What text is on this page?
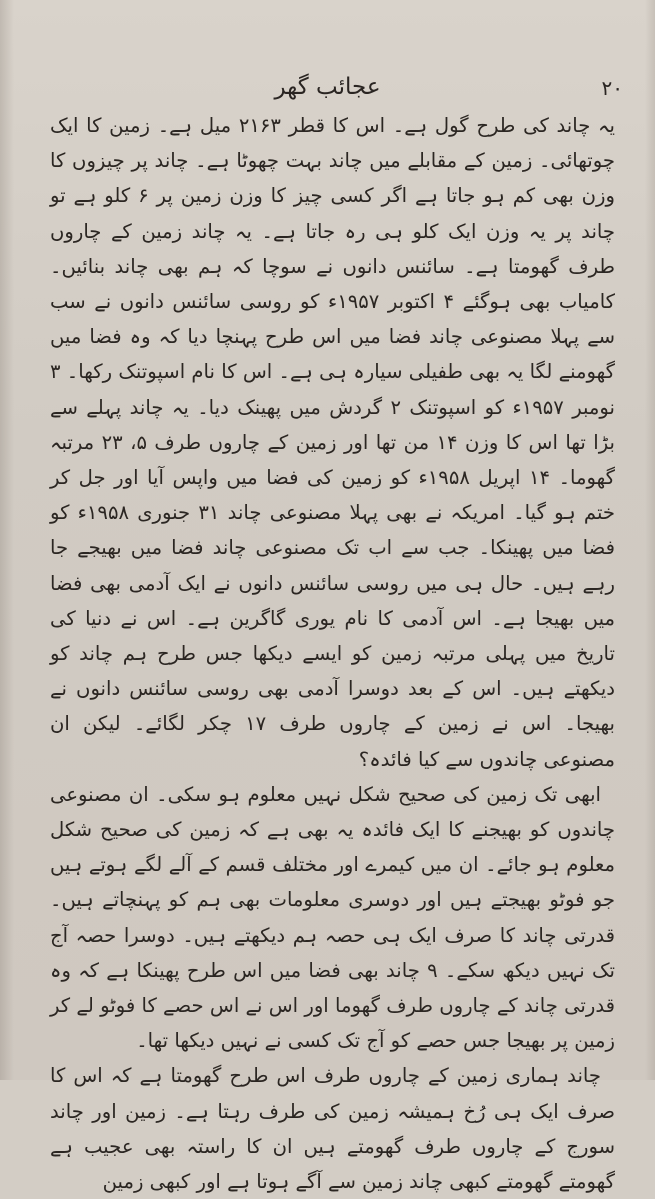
عجائب گھر	۲۰

یہ چاند کی طرح گول ہے۔ اس کا قطر ۲۱۶۳ میل ہے۔ زمین کا ایک چوتھائی۔ زمین کے مقابلے میں چاند بہت چھوٹا ہے۔ چاند پر چیزوں کا وزن بھی کم ہو جاتا ہے اگر کسی چیز کا وزن زمین پر ۶ کلو ہے تو چاند پر یہ وزن ایک کلو ہی رہ جاتا ہے۔ یہ چاند زمین کے چاروں طرف گھومتا ہے۔ سائنس دانوں نے سوچا کہ ہم بھی چاند بنائیں۔ کامیاب بھی ہوگئے ۴ اکتوبر ۱۹۵۷ء کو روسی سائنس دانوں نے سب سے پہلا مصنوعی چاند فضا میں اس طرح پہنچا دیا کہ وہ فضا میں گھومنے لگا یہ بھی طفیلی سیارہ ہی ہے۔ اس کا نام اسپوتنک رکھا۔ ۳ نومبر ۱۹۵۷ء کو اسپوتنک ۲ گردش میں پھینک دیا۔ یہ چاند پہلے سے بڑا تھا اس کا وزن ۱۴ من تھا اور زمین کے چاروں طرف ۵، ۲۳ مرتبہ گھوما۔ ۱۴ اپریل ۱۹۵۸ء کو زمین کی فضا میں واپس آیا اور جل کر ختم ہو گیا۔ امریکہ نے بھی پہلا مصنوعی چاند ۳۱ جنوری ۱۹۵۸ء کو فضا میں پھینکا۔ جب سے اب تک مصنوعی چاند فضا میں بھیجے جا رہے ہیں۔ حال ہی میں روسی سائنس دانوں نے ایک آدمی بھی فضا میں بھیجا ہے۔ اس آدمی کا نام یوری گاگرین ہے۔ اس نے دنیا کی تاریخ میں پہلی مرتبہ زمین کو ایسے دیکھا جس طرح ہم چاند کو دیکھتے ہیں۔ اس کے بعد دوسرا آدمی بھی روسی سائنس دانوں نے بھیجا۔ اس نے زمین کے چاروں طرف ۱۷ چکر لگائے۔ لیکن ان مصنوعی چاندوں سے کیا فائدہ؟

ابھی تک زمین کی صحیح شکل نہیں معلوم ہو سکی۔ ان مصنوعی چاندوں کو بھیجنے کا ایک فائدہ یہ بھی ہے کہ زمین کی صحیح شکل معلوم ہو جائے۔ ان میں کیمرے اور مختلف قسم کے آلے لگے ہوتے ہیں جو فوٹو بھیجتے ہیں اور دوسری معلومات بھی ہم کو پہنچاتے ہیں۔ قدرتی چاند کا صرف ایک ہی حصہ ہم دیکھتے ہیں۔ دوسرا حصہ آج تک نہیں دیکھ سکے۔ ۹ چاند بھی فضا میں اس طرح پھینکا ہے کہ وہ قدرتی چاند کے چاروں طرف گھوما اور اس نے اس حصے کا فوٹو لے کر زمین پر بھیجا جس حصے کو آج تک کسی نے نہیں دیکھا تھا۔

چاند ہماری زمین کے چاروں طرف اس طرح گھومتا ہے کہ اس کا صرف ایک ہی رُخ ہمیشہ زمین کی طرف رہتا ہے۔ زمین اور چاند سورج کے چاروں طرف گھومتے ہیں ان کا راستہ بھی عجیب ہے گھومتے گھومتے کبھی چاند زمین سے آگے ہوتا ہے اور کبھی زمین
